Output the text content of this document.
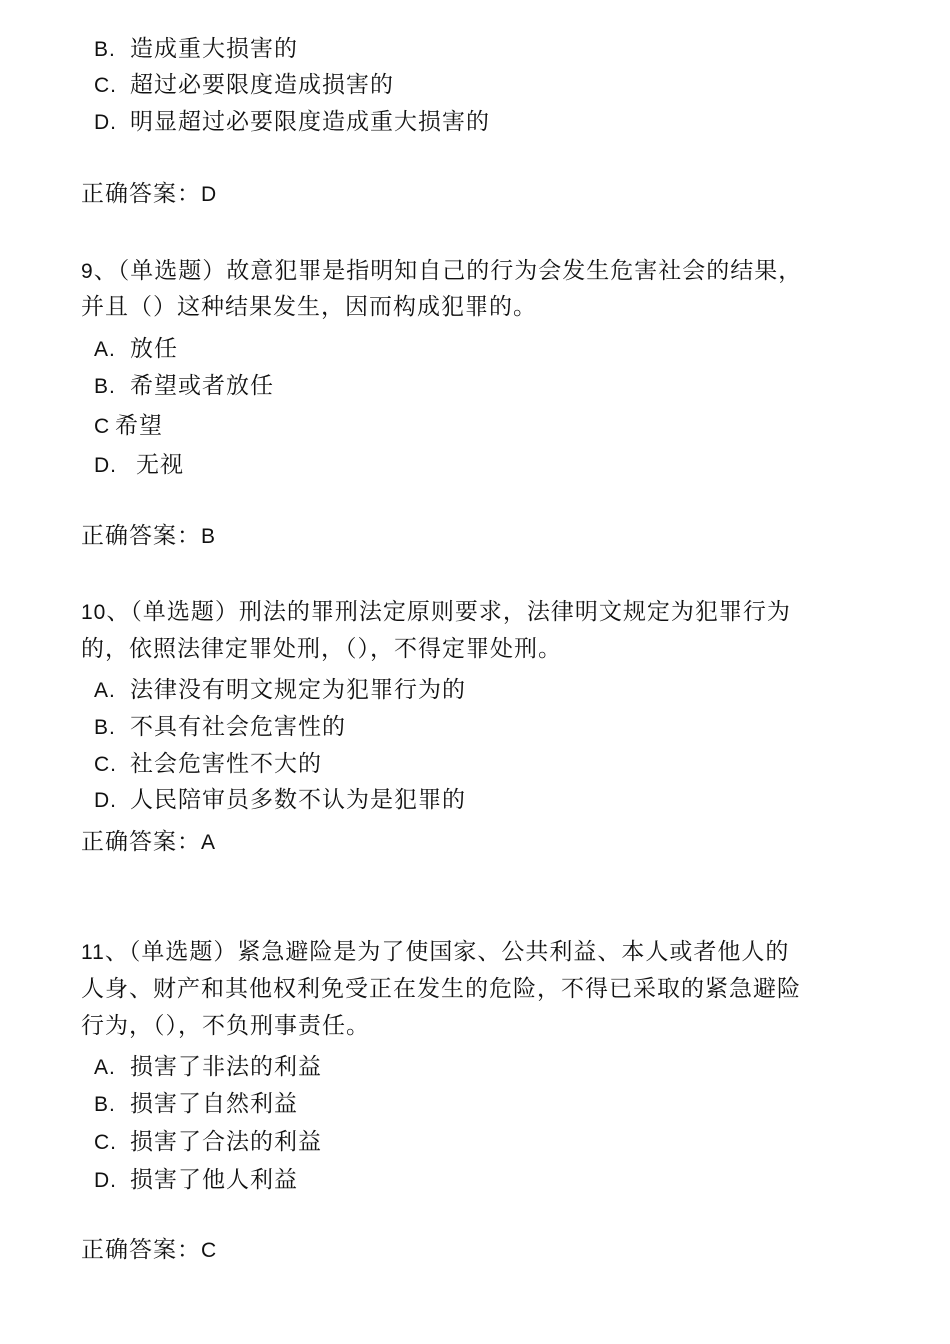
B. 造成重大损害的
C. 超过必要限度造成损害的
D. 明显超过必要限度造成重大损害的
正确答案：D
9、（单选题）故意犯罪是指明知自己的行为会发生危害社会的结果，
并且（）这种结果发生，因而构成犯罪的。
A. 放任
B. 希望或者放任
C 希望
D. 无视
正确答案：B
10、（单选题）刑法的罪刑法定原则要求，法律明文规定为犯罪行为
的，依照法律定罪处刑，（），不得定罪处刑。
A. 法律没有明文规定为犯罪行为的
B. 不具有社会危害性的
C. 社会危害性不大的
D. 人民陪审员多数不认为是犯罪的
正确答案：A
11、（单选题）紧急避险是为了使国家、公共利益、本人或者他人的
人身、财产和其他权利免受正在发生的危险，不得已采取的紧急避险
行为，（），不负刑事责任。
A. 损害了非法的利益
B. 损害了自然利益
C. 损害了合法的利益
D. 损害了他人利益
正确答案：C
